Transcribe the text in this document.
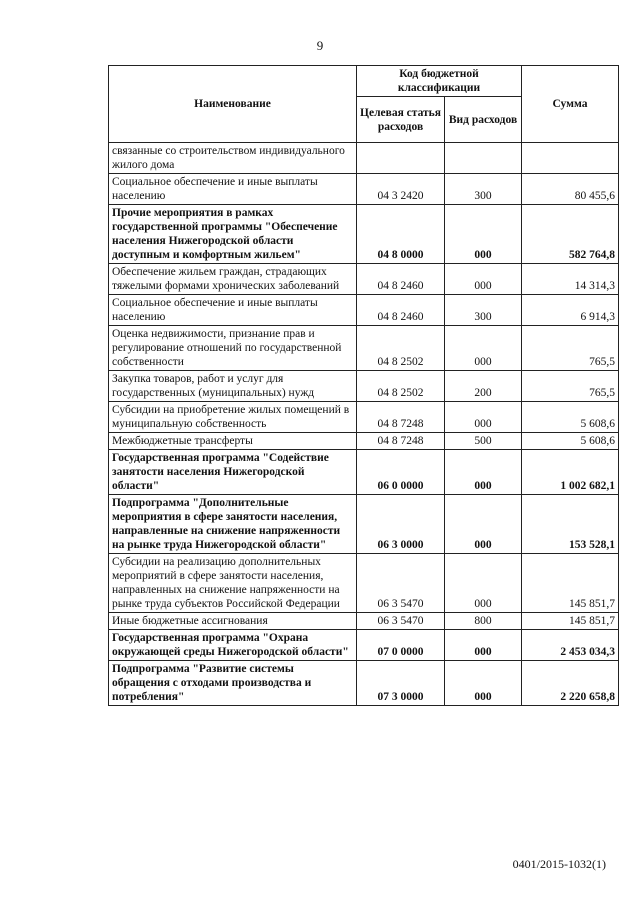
9
Наименование	Код бюджетной классификации		Сумма
	Целевая статья расходов	Вид расходов	
связанные со строительством индивидуального жилого дома			
Социальное обеспечение и иные выплаты населению	04 3 2420	300	80 455,6
Прочие мероприятия в рамках государственной программы "Обеспечение населения Нижегородской области доступным и комфортным жильем"	04 8 0000	000	582 764,8
Обеспечение жильем граждан, страдающих тяжелыми формами хронических заболеваний	04 8 2460	000	14 314,3
Социальное обеспечение и иные выплаты населению	04 8 2460	300	6 914,3
Оценка недвижимости, признание прав и регулирование отношений по государственной собственности	04 8 2502	000	765,5
Закупка товаров, работ и услуг для государственных (муниципальных) нужд	04 8 2502	200	765,5
Субсидии на приобретение жилых помещений в муниципальную собственность	04 8 7248	000	5 608,6
Межбюджетные трансферты	04 8 7248	500	5 608,6
Государственная программа "Содействие занятости населения Нижегородской области"	06 0 0000	000	1 002 682,1
Подпрограмма "Дополнительные мероприятия в сфере занятости населения, направленные на снижение напряженности на рынке труда Нижегородской области"	06 3 0000	000	153 528,1
Субсидии на реализацию дополнительных мероприятий в сфере занятости населения, направленных на снижение напряженности на рынке труда субъектов Российской Федерации	06 3 5470	000	145 851,7
Иные бюджетные ассигнования	06 3 5470	800	145 851,7
Государственная программа "Охрана окружающей среды Нижегородской области"	07 0 0000	000	2 453 034,3
Подпрограмма "Развитие системы обращения с отходами производства и потребления"	07 3 0000	000	2 220 658,8
0401/2015-1032(1)
